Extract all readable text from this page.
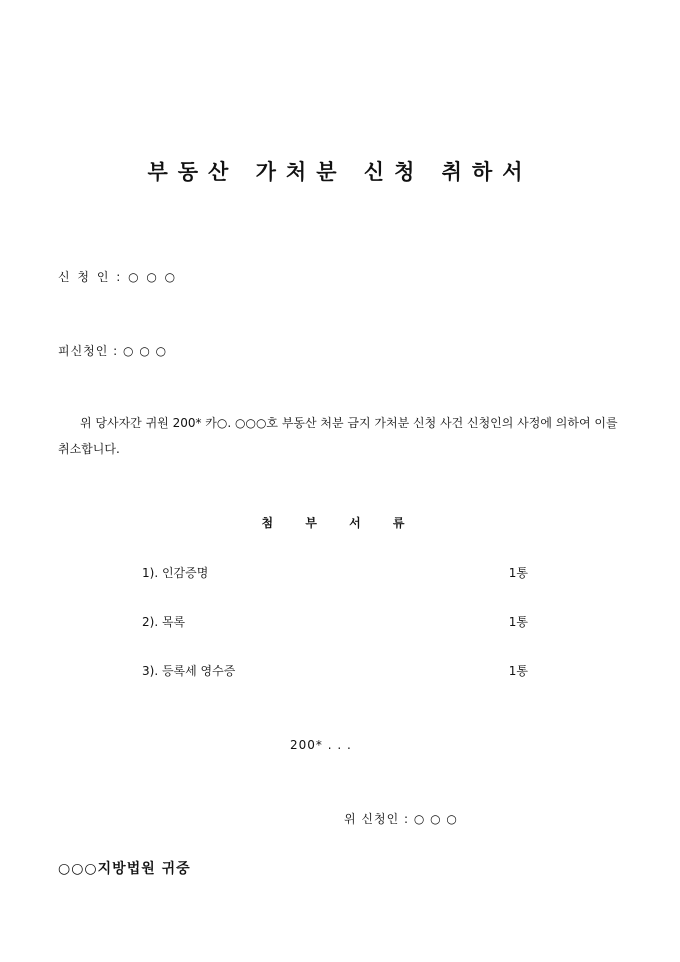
부동산 가처분 신청 취하서
신 청 인 : ○ ○ ○
피신청인 : ○ ○ ○
위 당사자간 귀원 200* 카○. ○○○호 부동산 처분 금지 가처분 신청 사건 신청인의 사정에 의하여 이를 취소합니다.
첨 부 서 류
1). 인감증명	1통
2). 목록	1통
3). 등록세 영수증	1통
200* . . .
위 신청인 : ○ ○ ○
○○○지방법원 귀중
